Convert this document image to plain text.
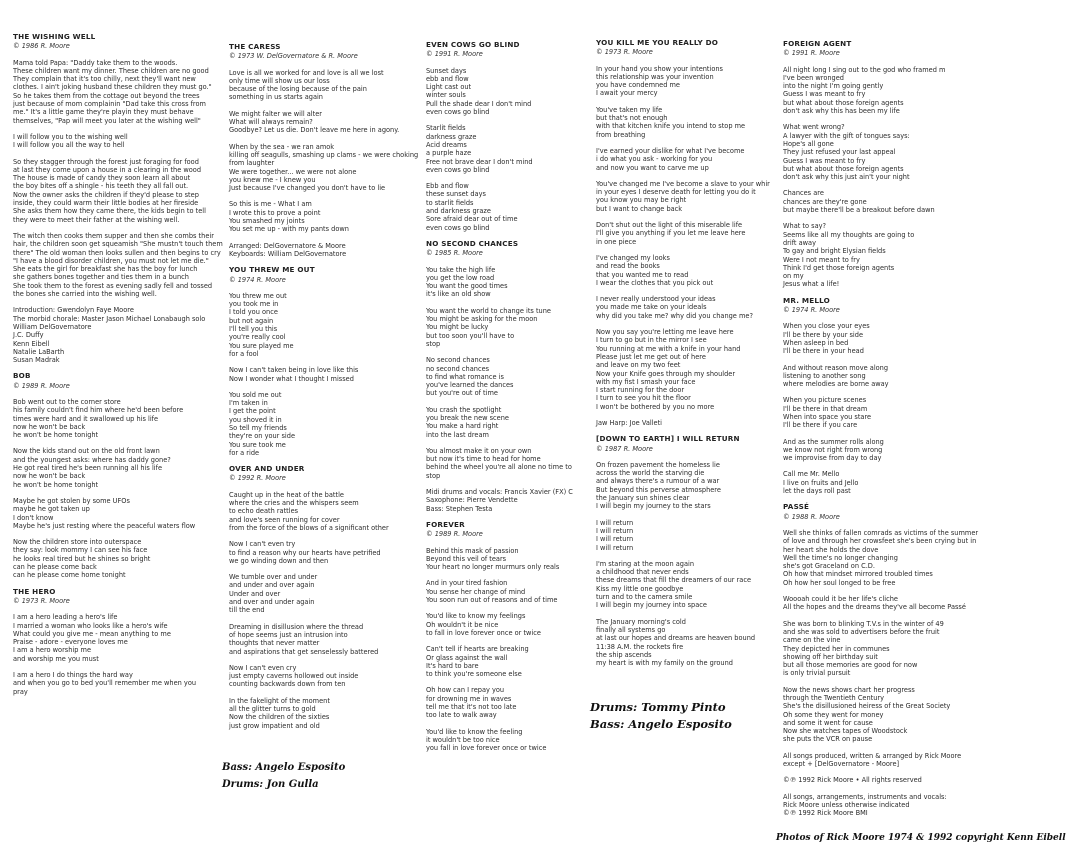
THE WISHING WELL
© 1986 R. Moore
Mama told Papa: "Daddy take them to the woods.
These children want my dinner. These children are no good
They complain that it's too chilly, next they'll want new
clothes. I ain't joking husband these children they must go."
So he takes them from the cottage out beyond the trees
just because of mom complainin "Dad take this cross from
me." It's a little game they're playin they must behave
themselves, "Pap will meet you later at the wishing well"
I will follow you to the wishing well
I will follow you all the way to hell
So they stagger through the forest just foraging for food
at last they come upon a house in a clearing in the wood
The house is made of candy they soon learn all about
the boy bites off a shingle - his teeth they all fall out.
Now the owner asks the children if they'd please to step
inside, they could warm their little bodies at her fireside
She asks them how they came there, the kids begin to tell
they were to meet their father at the wishing well.
The witch then cooks them supper and then she combs their
hair, the children soon get squeamish "She mustn't touch them
there" The old woman then looks sullen and then begins to cry
"I have a blood disorder children, you must not let me die."
She eats the girl for breakfast she has the boy for lunch
she gathers bones together and ties them in a bunch
She took them to the forest as evening sadly fell and tossed
the bones she carried into the wishing well.
Introduction: Gwendolyn Faye Moore
The morbid chorale: Master Jason Michael Lonabaugh solo
William DelGovernatore
J.C. Duffy
Kenn Eibell
Natalie LaBarth
Susan Madrak
BOB
© 1989 R. Moore
Bob went out to the corner store
his family couldn't find him where he'd been before
times were hard and it swallowed up his life
now he won't be back
he won't be home tonight
Now the kids stand out on the old front lawn
and the youngest asks: where has daddy gone?
He got real tired he's been running all his life
now he won't be back
he won't be home tonight
Maybe he got stolen by some UFOs
maybe he got taken up
I don't know
Maybe he's just resting where the peaceful waters flow
Now the children store into outerspace
they say: look mommy I can see his face
he looks real tired but he shines so bright
can he please come back
can he please come home tonight
THE HERO
© 1973 R. Moore
I am a hero leading a hero's life
I married a woman who looks like a hero's wife
What could you give me - mean anything to me
Praise - adore - everyone loves me
I am a hero worship me
and worship me you must
I am a hero I do things the hard way
and when you go to bed you'll remember me when you
pray
THE CARESS
© 1973 W. DelGovernatore & R. Moore
Love is all we worked for and love is all we lost
only time will show us our loss
because of the losing because of the pain
something in us starts again
We might falter we will alter
What will always remain?
Goodbye? Let us die. Don't leave me here in agony.
When by the sea - we ran amok
killing off seagulls, smashing up clams - we were choking
from laughter
We were together... we were not alone
you knew me - I knew you
Just because I've changed you don't have to lie
So this is me - What I am
I wrote this to prove a point
You smashed my joints
You set me up - with my pants down
Arranged: DelGovernatore & Moore
Keyboards: William DelGovernatore
YOU THREW ME OUT
© 1974 R. Moore
You threw me out
you took me in
I told you once
but not again
I'll tell you this
you're really cool
You sure played me
for a fool
Now I can't taken being in love like this
Now I wonder what I thought I missed
You sold me out
I'm taken in
I get the point
you shoved it in
So tell my friends
they're on your side
You sure took me
for a ride
OVER AND UNDER
© 1992 R. Moore
Caught up in the heat of the battle
where the cries and the whispers seem
to echo death rattles
and love's seen running for cover
from the force of the blows of a significant other
Now I can't even try
to find a reason why our hearts have petrified
we go winding down and then
We tumble over and under
and under and over again
Under and over
and over and under again
till the end
Dreaming in disillusion where the thread
of hope seems just an intrusion into
thoughts that never matter
and aspirations that get senselessly battered
Now I can't even cry
just empty caverns hollowed out inside
counting backwards down from ten
In the fakelight of the moment
all the glitter turns to gold
Now the children of the sixties
just grow impatient and old
EVEN COWS GO BLIND
© 1991 R. Moore
Sunset days
ebb and flow
Light cast out
winter souls
Pull the shade dear I don't mind
even cows go blind
Starlit fields
darkness graze
Acid dreams
a purple haze
Free not brave dear I don't mind
even cows go blind
Ebb and flow
these sunset days
to starlit fields
and darkness graze
Sore afraid dear out of time
even cows go blind
NO SECOND CHANCES
© 1985 R. Moore
You take the high life
you get the low road
You want the good times
it's like an old show
You want the world to change its tune
You might be asking for the moon
You might be lucky
but too soon you'll have to
stop
No second chances
no second chances
to find what romance is
you've learned the dances
but you're out of time
You crash the spotlight
you break the new scene
You make a hard right
into the last dream
You almost make it on your own
but now it's time to head for home
behind the wheel you're all alone no time to
stop
Midi drums and vocals: Francis Xavier (FX) C
Saxophone: Pierre Vendette
Bass: Stephen Testa
FOREVER
© 1989 R. Moore
Behind this mask of passion
Beyond this veil of tears
Your heart no longer murmurs only reals
And in your tired fashion
You sense her change of mind
You soon run out of reasons and of time
You'd like to know my feelings
Oh wouldn't it be nice
to fall in love forever once or twice
Can't tell if hearts are breaking
Or glass against the wall
It's hard to bare
to think you're someone else
Oh how can I repay you
for drowning me in waves
tell me that it's not too late
too late to walk away
You'd like to know the feeling
it wouldn't be too nice
you fall in love forever once or twice
YOU KILL ME YOU REALLY DO
© 1973 R. Moore
In your hand you show your intentions
this relationship was your invention
you have condemned me
I await your mercy
You've taken my life
but that's not enough
with that kitchen knife you intend to stop me
from breathing
I've earned your dislike for what I've become
i do what you ask - working for you
and now you want to carve me up
You've changed me I've become a slave to your whir
in your eyes I deserve death for letting you do it
you know you may be right
but I want to change back
Don't shut out the light of this miserable life
I'll give you anything if you let me leave here
in one piece
I've changed my looks
and read the books
that you wanted me to read
I wear the clothes that you pick out
I never really understood your ideas
you made me take on your ideals
why did you take me? why did you change me?
Now you say you're letting me leave here
I turn to go but in the mirror I see
You running at me with a knife in your hand
Please just let me get out of here
and leave on my two feet
Now your Knife goes through my shoulder
with my fist I smash your face
I start running for the door
I turn to see you hit the floor
I won't be bothered by you no more
Jaw Harp: Joe Valleti
[DOWN TO EARTH] I WILL RETURN
© 1987 R. Moore
On frozen pavement the homeless lie
across the world the starving die
and always there's a rumour of a war
But beyond this perverse atmosphere
the January sun shines clear
I will begin my journey to the stars
I will return
I will return
I will return
I will return
I'm staring at the moon again
a childhood that never ends
these dreams that fill the dreamers of our race
Kiss my little one goodbye
turn and to the camera smile
I will begin my journey into space
The January morning's cold
finally all systems go
at last our hopes and dreams are heaven bound
11:38 A.M. the rockets fire
the ship ascends
my heart is with my family on the ground
FOREIGN AGENT
© 1991 R. Moore
All night long I sing out to the god who framed m
I've been wronged
into the night I'm going gently
Guess I was meant to fry
but what about those foreign agents
don't ask why this has been my life
What went wrong?
A lawyer with the gift of tongues says:
Hope's all gone
They just refused your last appeal
Guess I was meant to fry
but what about those foreign agents
don't ask why this just ain't your night
Chances are
chances are they're gone
but maybe there'll be a breakout before dawn
What to say?
Seems like all my thoughts are going to
drift away
To gay and bright Elysian fields
Were I not meant to fry
Think I'd get those foreign agents
on my
Jesus what a life!
MR. MELLO
© 1974 R. Moore
When you close your eyes
I'll be there by your side
When asleep in bed
I'll be there in your head
And without reason move along
listening to another song
where melodies are borne away
When you picture scenes
I'll be there in that dream
When into space you stare
I'll be there if you care
And as the summer rolls along
we know not right from wrong
we improvise from day to day
Call me Mr. Mello
I live on fruits and Jello
let the days roll past
PASSÉ
© 1988 R. Moore
Well she thinks of fallen comrads as victims of the summer
of love and through her crowsfeet she's been crying but in
her heart she holds the dove
Well the time's no longer changing
she's got Graceland on C.D.
Oh how that mindset mirrored troubled times
Oh how her soul longed to be free
Woooah could it be her life's cliche
All the hopes and the dreams they've all become Passé
She was born to blinking T.V.s in the winter of 49
and she was sold to advertisers before the fruit
came on the vine
They depicted her in communes
showing off her birthday suit
but all those memories are good for now
is only trivial pursuit
Now the news shows chart her progress
through the Twentieth Century
She's the disillusioned heiress of the Great Society
Oh some they went for money
and some it went for cause
Now she watches tapes of Woodstock
she puts the VCR on pause
All songs produced, written & arranged by Rick Moore
except + [DelGovernatore - Moore]
©℗ 1992 Rick Moore • All rights reserved
All songs, arrangements, instruments and vocals:
Rick Moore unless otherwise indicated
©℗ 1992 Rick Moore BMI
Bass: Angelo Esposito
Drums: Jon Gulla
Drums: Tommy Pinto
Bass: Angelo Esposito
Photos of Rick Moore 1974 & 1992 copyright Kenn Eibell
